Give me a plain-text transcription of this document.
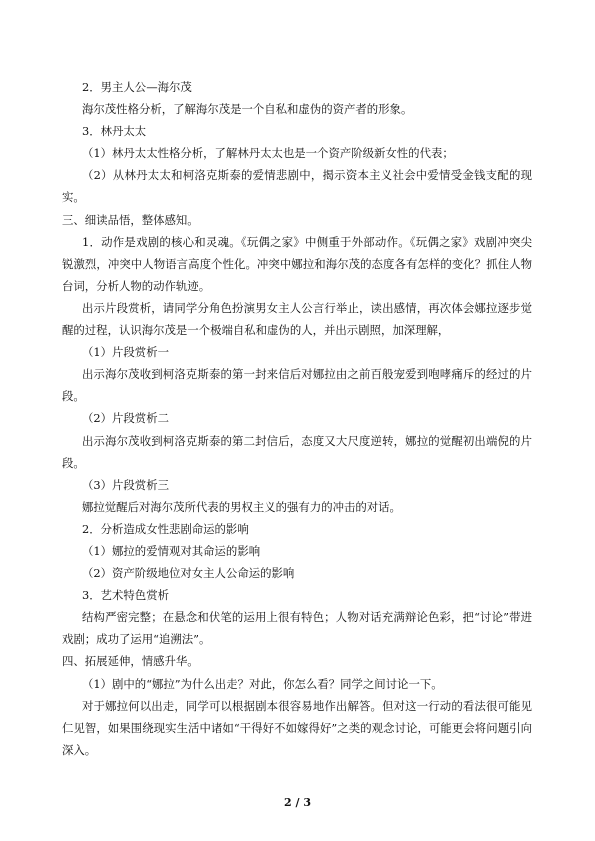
2．男主人公—海尔茂

海尔茂性格分析，了解海尔茂是一个自私和虚伪的资产者的形象。

3．林丹太太

（1）林丹太太性格分析，了解林丹太太也是一个资产阶级新女性的代表；

（2）从林丹太太和柯洛克斯泰的爱情悲剧中，揭示资本主义社会中爱情受金钱支配的现实。

三、细读品悟，整体感知。

1．动作是戏剧的核心和灵魂。《玩偶之家》中侧重于外部动作。《玩偶之家》戏剧冲突尖锐激烈，冲突中人物语言高度个性化。冲突中娜拉和海尔茂的态度各有怎样的变化？抓住人物台词，分析人物的动作轨迹。

出示片段赏析，请同学分角色扮演男女主人公言行举止，读出感情，再次体会娜拉逐步觉醒的过程，认识海尔茂是一个极端自私和虚伪的人，并出示剧照，加深理解，

（1）片段赏析一

出示海尔茂收到柯洛克斯泰的第一封来信后对娜拉由之前百般宠爱到咆哮痛斥的经过的片段。

（2）片段赏析二

出示海尔茂收到柯洛克斯泰的第二封信后，态度又大尺度逆转，娜拉的觉醒初出端倪的片段。

（3）片段赏析三

娜拉觉醒后对海尔茂所代表的男权主义的强有力的冲击的对话。

2．分析造成女性悲剧命运的影响

（1）娜拉的爱情观对其命运的影响

（2）资产阶级地位对女主人公命运的影响

3．艺术特色赏析

结构严密完整；在悬念和伏笔的运用上很有特色；人物对话充满辩论色彩，把“讨论”带进戏剧；成功了运用“追溯法”。

四、拓展延伸，情感升华。

（1）剧中的“娜拉”为什么出走？对此，你怎么看？同学之间讨论一下。

对于娜拉何以出走，同学可以根据剧本很容易地作出解答。但对这一行动的看法很可能见仁见智，如果围绕现实生活中诸如“干得好不如嫁得好”之类的观念讨论，可能更会将问题引向深入。

2 / 3
